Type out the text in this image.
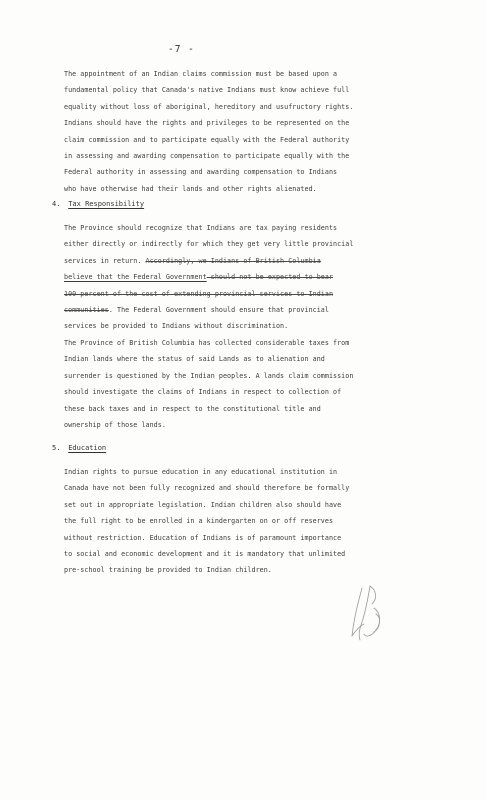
-7 -
The appointment of an Indian claims commission must be based upon a
fundamental policy that Canada's native Indians must know achieve full
equality without loss of aboriginal, hereditory and usufructory rights.
Indians should have the rights and privileges to be represented on the
claim commission and to participate equally with the Federal authority
in assessing and awarding compensation to participate equally with the
Federal authority in assessing and awarding compensation to Indians
who have otherwise had their lands and other rights alienated.
4. Tax Responsibility
The Province should recognize that Indians are tax paying residents
either directly or indirectly for which they get very little provincial
services in return. Accordingly, we Indians of British Columbia
believe that the Federal Government should not be expected to bear
100 percent of the cost of extending provincial services to Indian
communities. The Federal Government should ensure that provincial
services be provided to Indians without discrimination.
The Province of British Columbia has collected considerable taxes from
Indian lands where the status of said Lands as to alienation and
surrender is questioned by the Indian peoples. A lands claim commission
should investigate the claims of Indians in respect to collection of
these back taxes and in respect to the constitutional title and
ownership of those lands.
5. Education
Indian rights to pursue education in any educational institution in
Canada have not been fully recognized and should therefore be formally
set out in appropriate legislation. Indian children also should have
the full right to be enrolled in a kindergarten on or off reserves
without restriction. Education of Indians is of paramount importance
to social and economic development and it is mandatory that unlimited
pre-school training be provided to Indian children.
